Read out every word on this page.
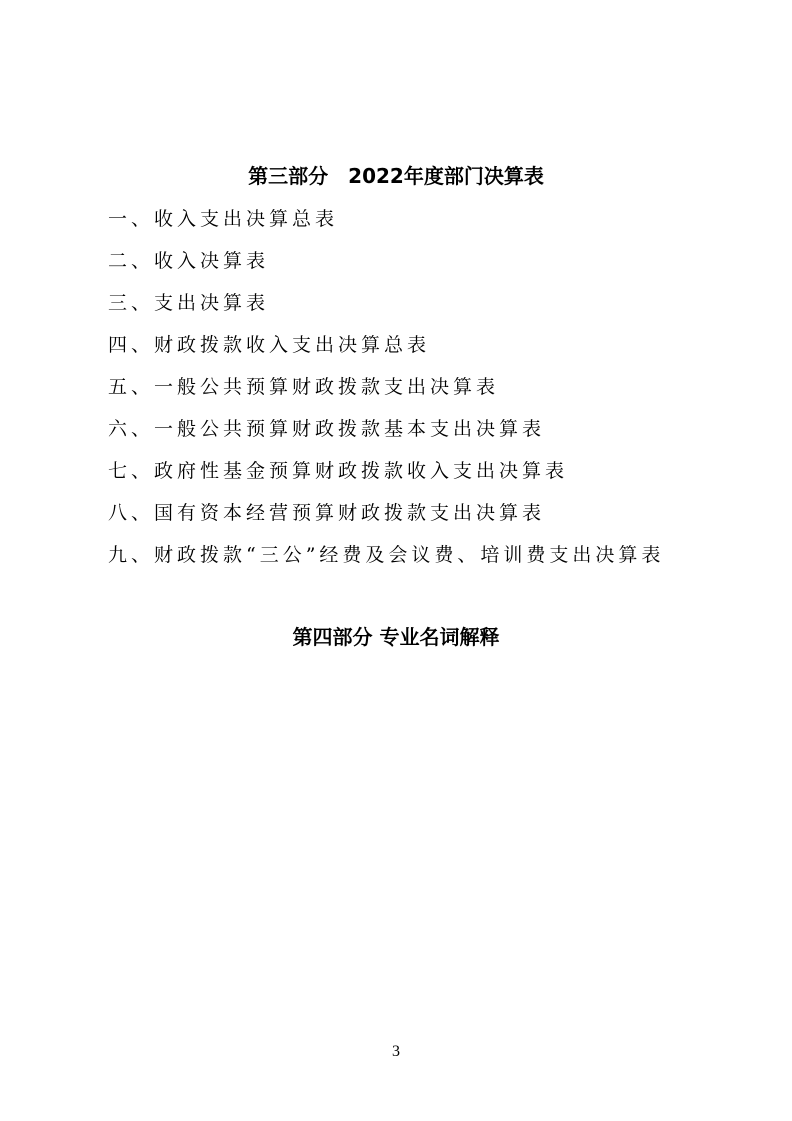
第三部分　2022年度部门决算表
一、收入支出决算总表
二、收入决算表
三、支出决算表
四、财政拨款收入支出决算总表
五、一般公共预算财政拨款支出决算表
六、一般公共预算财政拨款基本支出决算表
七、政府性基金预算财政拨款收入支出决算表
八、国有资本经营预算财政拨款支出决算表
九、财政拨款“三公”经费及会议费、培训费支出决算表
第四部分 专业名词解释
3
